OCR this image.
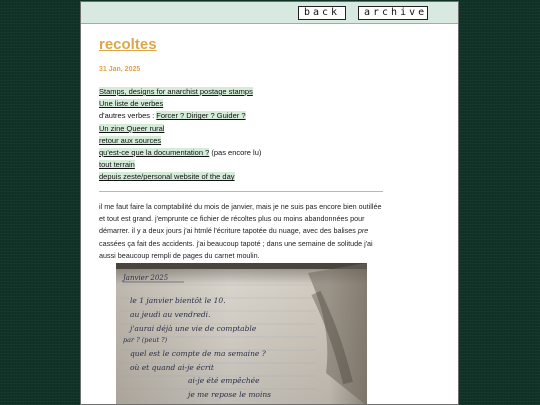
back	archive
recoltes
31 Jan, 2025
Stamps, designs for anarchist postage stamps
Une liste de verbes
d'autres verbes : Forcer ? Diriger ? Guider ?
Un zine Queer rural
retour aux sources
qu'est-ce que la documentation ? (pas encore lu)
tout terrain
depuis zeste/personal website of the day
il me faut faire la comptabilité du mois de janvier, mais je ne suis pas encore bien outillée et tout est grand. j'emprunte ce fichier de récoltes plus ou moins abandonnées pour démarrer. il y a deux jours j'ai htmlé l'écriture tapotée du nuage, avec des balises pre cassées ça fait des accidents. j'ai beaucoup tapoté ; dans une semaine de solitude j'ai aussi beaucoup rempli de pages du carnet moulin.
Janvier 2025
le 1 janvier bientôt le 10.
au jeudi au vendredi.
j'aurai déjà une vie de comptable
par ? (peut ?)
quel est le compte de ma semaine ?
où et quand ai-je écrit
ai-je été empêchée
je me repose le moins
